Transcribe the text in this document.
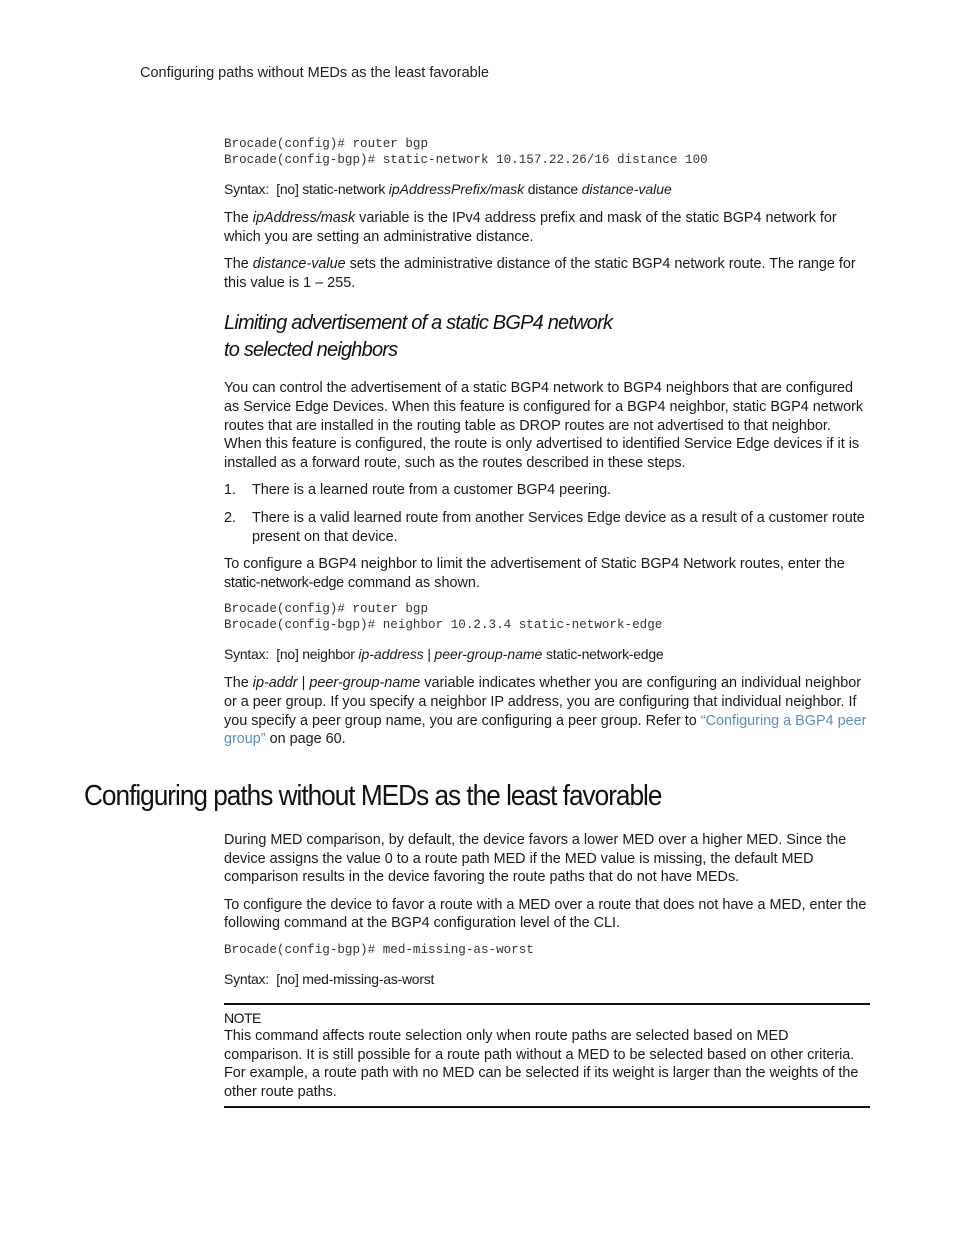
Configuring paths without MEDs as the least favorable
Brocade(config)# router bgp
Brocade(config-bgp)# static-network 10.157.22.26/16 distance 100
Syntax:  [no] static-network ipAddressPrefix/mask distance distance-value

The ipAddress/mask variable is the IPv4 address prefix and mask of the static BGP4 network for which you are setting an administrative distance.

The distance-value sets the administrative distance of the static BGP4 network route. The range for this value is 1 – 255.

Limiting advertisement of a static BGP4 network
to selected neighbors

You can control the advertisement of a static BGP4 network to BGP4 neighbors that are configured as Service Edge Devices. When this feature is configured for a BGP4 neighbor, static BGP4 network routes that are installed in the routing table as DROP routes are not advertised to that neighbor. When this feature is configured, the route is only advertised to identified Service Edge devices if it is installed as a forward route, such as the routes described in these steps.

1. There is a learned route from a customer BGP4 peering.
2. There is a valid learned route from another Services Edge device as a result of a customer route present on that device.

To configure a BGP4 neighbor to limit the advertisement of Static BGP4 Network routes, enter the static-network-edge command as shown.

Brocade(config)# router bgp
Brocade(config-bgp)# neighbor 10.2.3.4 static-network-edge
Syntax:  [no] neighbor ip-address | peer-group-name static-network-edge

The ip-addr | peer-group-name variable indicates whether you are configuring an individual neighbor or a peer group. If you specify a neighbor IP address, you are configuring that individual neighbor. If you specify a peer group name, you are configuring a peer group. Refer to “Configuring a BGP4 peer group” on page 60.

Configuring paths without MEDs as the least favorable

During MED comparison, by default, the device favors a lower MED over a higher MED. Since the device assigns the value 0 to a route path MED if the MED value is missing, the default MED comparison results in the device favoring the route paths that do not have MEDs.

To configure the device to favor a route with a MED over a route that does not have a MED, enter the following command at the BGP4 configuration level of the CLI.

Brocade(config-bgp)# med-missing-as-worst
Syntax:  [no] med-missing-as-worst
NOTE
This command affects route selection only when route paths are selected based on MED comparison. It is still possible for a route path without a MED to be selected based on other criteria. For example, a route path with no MED can be selected if its weight is larger than the weights of the other route paths.
